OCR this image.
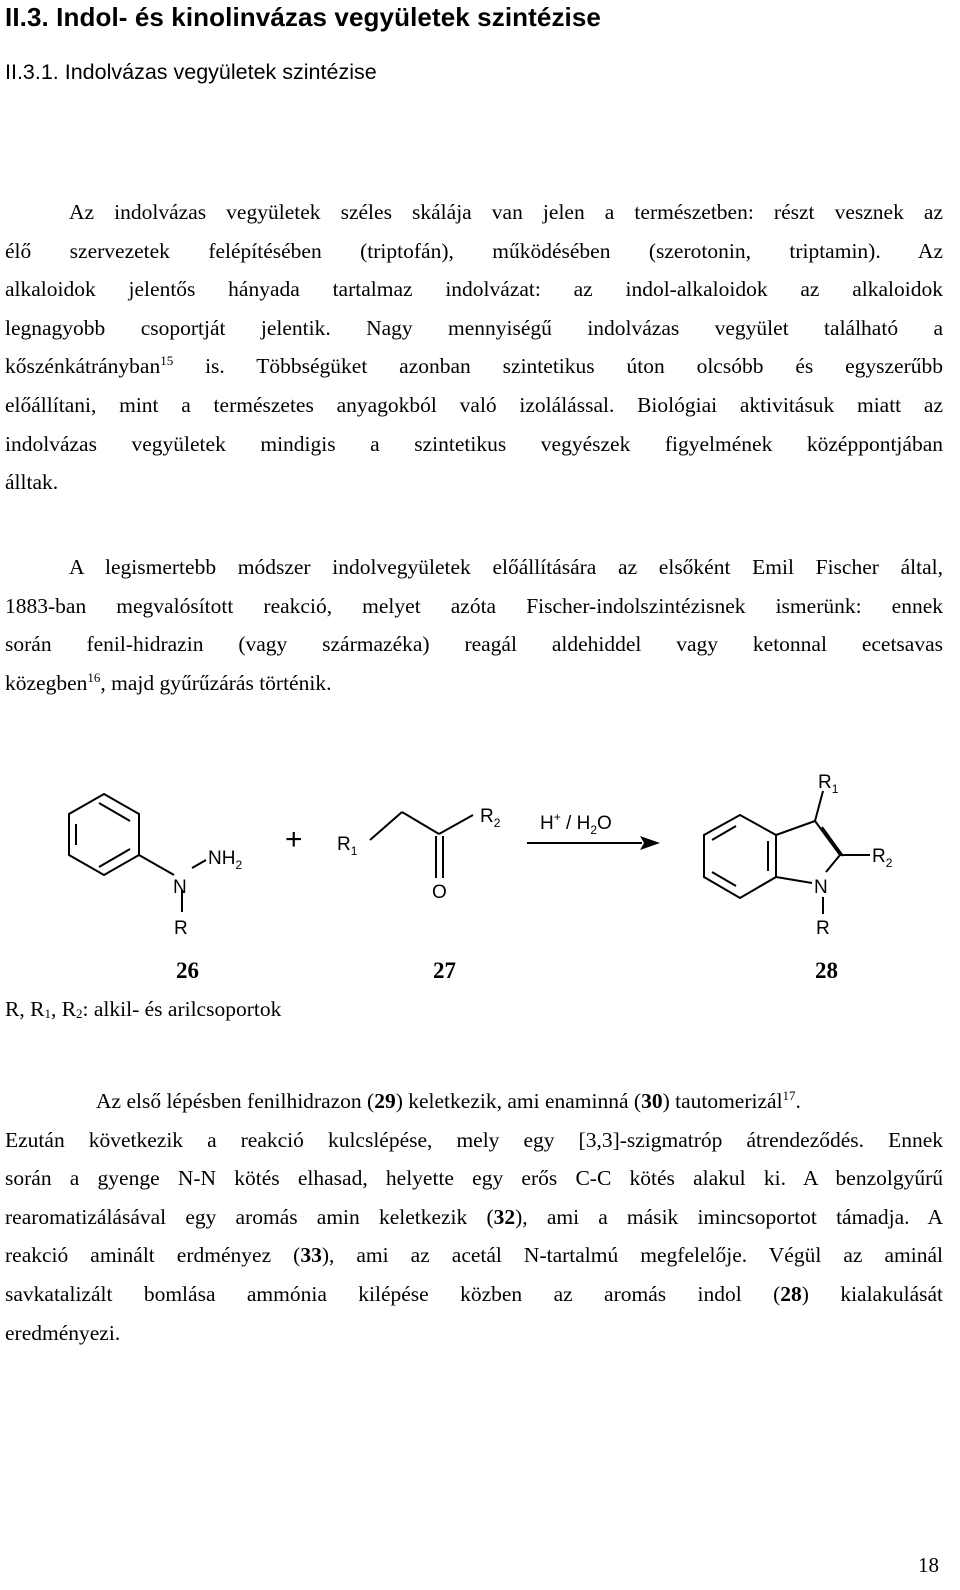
II.3. Indol- és kinolinvázas vegyületek szintézise
II.3.1. Indolvázas vegyületek szintézise
Az indolvázas vegyületek széles skálája van jelen a természetben: részt vesznek az
élő szervezetek felépítésében (triptofán), működésében (szerotonin, triptamin). Az
alkaloidok jelentős hányada tartalmaz indolvázat: az indol-alkaloidok az alkaloidok
legnagyobb csoportját jelentik. Nagy mennyiségű indolvázas vegyület található a
kőszénkátrányban$^{15}$ is. Többségüket azonban szintetikus úton olcsóbb és egyszerűbb
előállítani, mint a természetes anyagokból való izolálással. Biológiai aktivitásuk miatt az
indolvázas vegyületek mindigis a szintetikus vegyészek figyelmének középpontjában
álltak.
A legismertebb módszer indolvegyületek előállítására az elsőként Emil Fischer által,
1883-ban megvalósított reakció, melyet azóta Fischer-indolszintézisnek ismerünk: ennek
során fenil-hidrazin (vagy származéka) reagál aldehiddel vagy ketonnal ecetsavas
közegben$^{16}$, majd gyűrűzárás történik.
N
$NH_2$
R
+ $R_1$
$R_2$
O
$H^+ / H_2O$
N
$R_1$
$R_2$
R
26	27	28
R, $R_1$, $R_2$: alkil- és arilcsoportok
Az első lépésben fenilhidrazon (29) keletkezik, ami enaminná (30) tautomerizál$^{17}$.
Ezután következik a reakció kulcslépése, mely egy [3,3]-szigmatróp átrendeződés. Ennek
során a gyenge N-N kötés elhasad, helyette egy erős C-C kötés alakul ki. A benzolgyűrű
rearomatizálásával egy aromás amin keletkezik (32), ami a másik imincsoportot támadja. A
reakció aminált erdményez (33), ami az acetál N-tartalmú megfelelője. Végül az aminál
savkatalizált bomlása ammónia kilépése közben az aromás indol (28) kialakulását
eredményezi.
18
